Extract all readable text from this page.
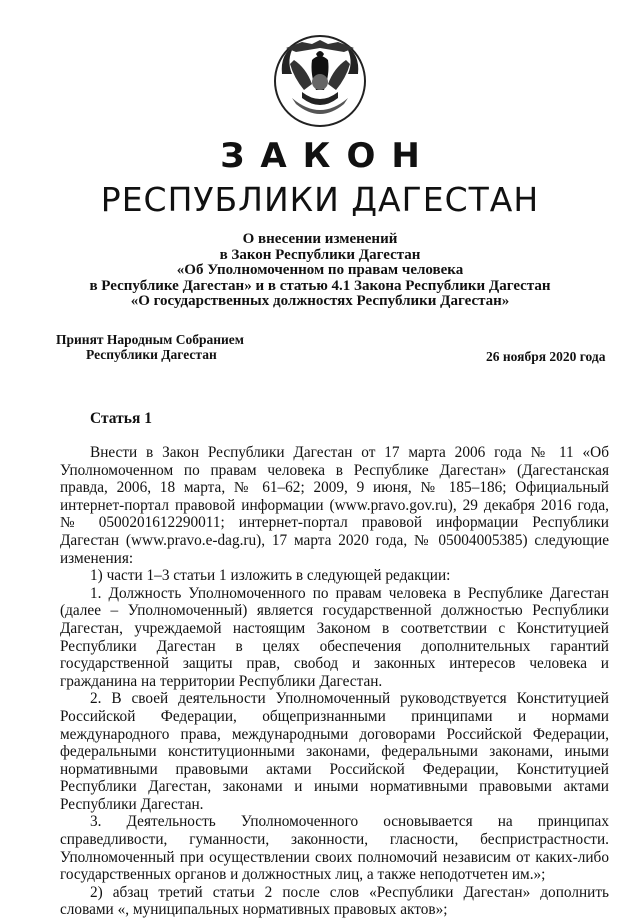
ЗАКОН
РЕСПУБЛИКИ ДАГЕСТАН
О внесении изменений
в Закон Республики Дагестан
«Об Уполномоченном по правам человека
в Республике Дагестан» и в статью 4.1 Закона Республики Дагестан
«О государственных должностях Республики Дагестан»
Принят Народным Собранием
Республики Дагестан	26 ноября 2020 года
Статья 1

Внести в Закон Республики Дагестан от 17 марта 2006 года № 11 «Об Уполномоченном по правам человека в Республике Дагестан» (Дагестанская правда, 2006, 18 марта, № 61–62; 2009, 9 июня, № 185–186; Официальный интернет-портал правовой информации (www.pravo.gov.ru), 29 декабря 2016 года, № 0500201612290011; интернет-портал правовой информации Республики Дагестан (www.pravo.e-dag.ru), 17 марта 2020 года, № 05004005385) следующие изменения:

1) части 1–3 статьи 1 изложить в следующей редакции:

1. Должность Уполномоченного по правам человека в Республике Дагестан (далее – Уполномоченный) является государственной должностью Республики Дагестан, учреждаемой настоящим Законом в соответствии с Конституцией Республики Дагестан в целях обеспечения дополнительных гарантий государственной защиты прав, свобод и законных интересов человека и гражданина на территории Республики Дагестан.

2. В своей деятельности Уполномоченный руководствуется Конституцией Российской Федерации, общепризнанными принципами и нормами международного права, международными договорами Российской Федерации, федеральными конституционными законами, федеральными законами, иными нормативными правовыми актами Российской Федерации, Конституцией Республики Дагестан, законами и иными нормативными правовыми актами Республики Дагестан.

3. Деятельность Уполномоченного основывается на принципах справедливости, гуманности, законности, гласности, беспристрастности. Уполномоченный при осуществлении своих полномочий независим от каких-либо государственных органов и должностных лиц, а также неподотчетен им.»;

2) абзац третий статьи 2 после слов «Республики Дагестан» дополнить словами «, муниципальных нормативных правовых актов»;
